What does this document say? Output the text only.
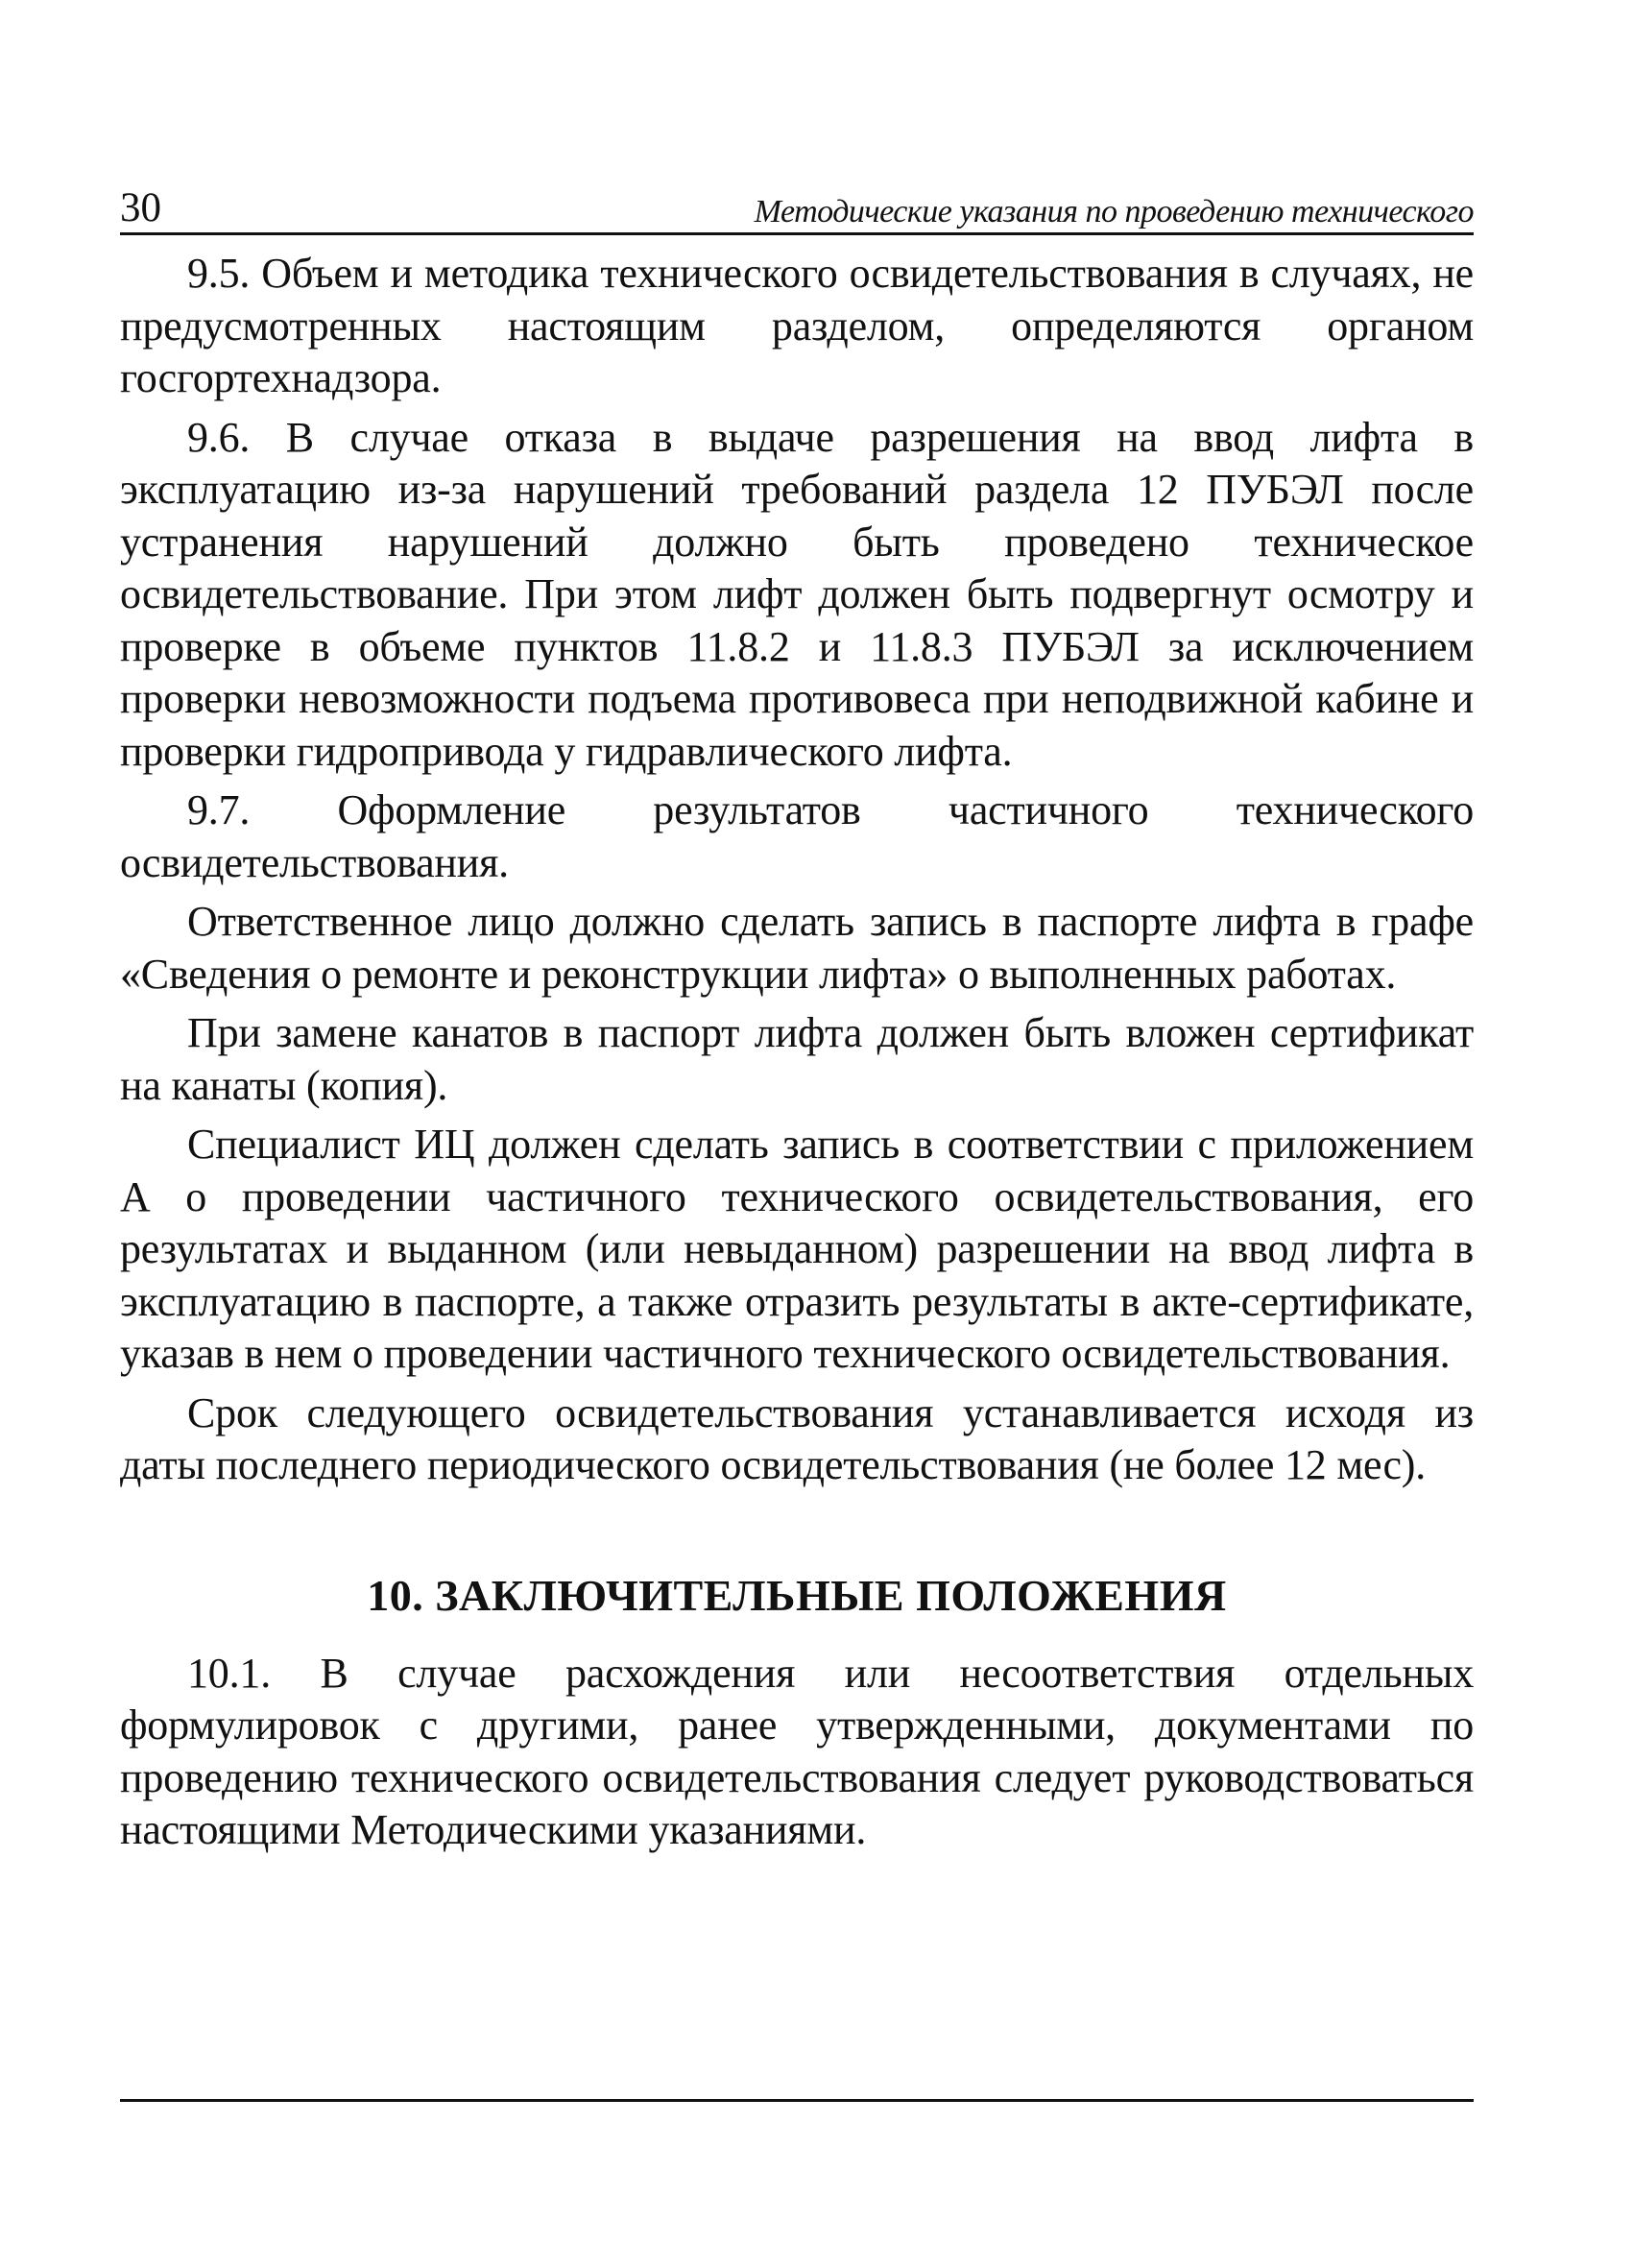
30	Методические указания по проведению технического

9.5. Объем и методика технического освидетельствования в случаях, не предусмотренных настоящим разделом, определяются органом госгортехнадзора.

9.6. В случае отказа в выдаче разрешения на ввод лифта в эксплуатацию из-за нарушений требований раздела 12 ПУБЭЛ после устранения нарушений должно быть проведено техническое освидетельствование. При этом лифт должен быть подвергнут осмотру и проверке в объеме пунктов 11.8.2 и 11.8.3 ПУБЭЛ за исключением проверки невозможности подъема противовеса при неподвижной кабине и проверки гидропривода у гидравлического лифта.

9.7. Оформление результатов частичного технического освидетельствования.

Ответственное лицо должно сделать запись в паспорте лифта в графе «Сведения о ремонте и реконструкции лифта» о выполненных работах.

При замене канатов в паспорт лифта должен быть вложен сертификат на канаты (копия).

Специалист ИЦ должен сделать запись в соответствии с приложением А о проведении частичного технического освидетельствования, его результатах и выданном (или невыданном) разрешении на ввод лифта в эксплуатацию в паспорте, а также отразить результаты в акте-сертификате, указав в нем о проведении частичного технического освидетельствования.

Срок следующего освидетельствования устанавливается исходя из даты последнего периодического освидетельствования (не более 12 мес).

10. ЗАКЛЮЧИТЕЛЬНЫЕ ПОЛОЖЕНИЯ

10.1. В случае расхождения или несоответствия отдельных формулировок с другими, ранее утвержденными, документами по проведению технического освидетельствования следует руководствоваться настоящими Методическими указаниями.
